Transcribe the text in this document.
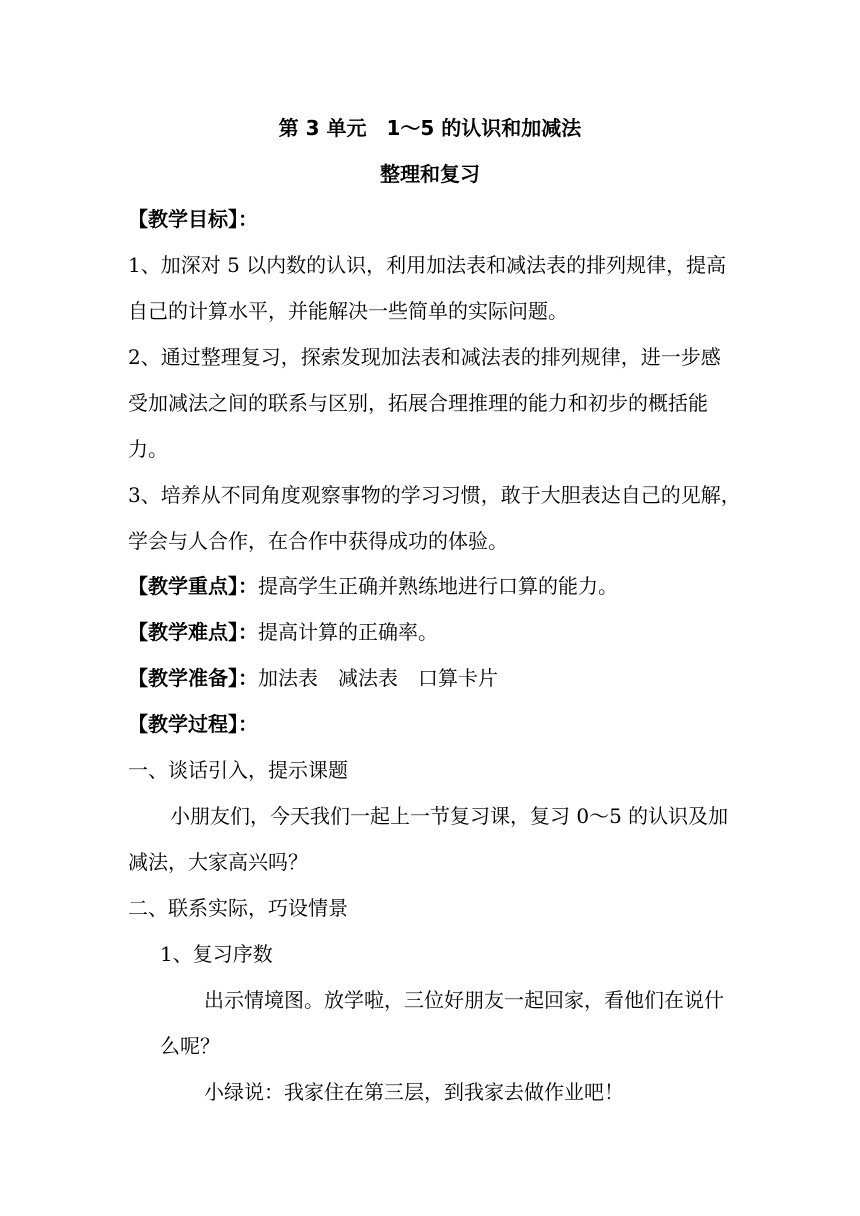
第 3 单元　1～5 的认识和加减法
整理和复习
【教学目标】：
1、加深对 5 以内数的认识，利用加法表和减法表的排列规律，提高
自己的计算水平，并能解决一些简单的实际问题。
2、通过整理复习，探索发现加法表和减法表的排列规律，进一步感
受加减法之间的联系与区别，拓展合理推理的能力和初步的概括能
力。
3、培养从不同角度观察事物的学习习惯，敢于大胆表达自己的见解，
学会与人合作，在合作中获得成功的体验。
【教学重点】：提高学生正确并熟练地进行口算的能力。
【教学难点】：提高计算的正确率。
【教学准备】：加法表　减法表　口算卡片
【教学过程】：
一、谈话引入，提示课题
小朋友们，今天我们一起上一节复习课，复习 0～5 的认识及加
减法，大家高兴吗？
二、联系实际，巧设情景
1、复习序数
出示情境图。放学啦，三位好朋友一起回家，看他们在说什
么呢？
小绿说：我家住在第三层，到我家去做作业吧！
